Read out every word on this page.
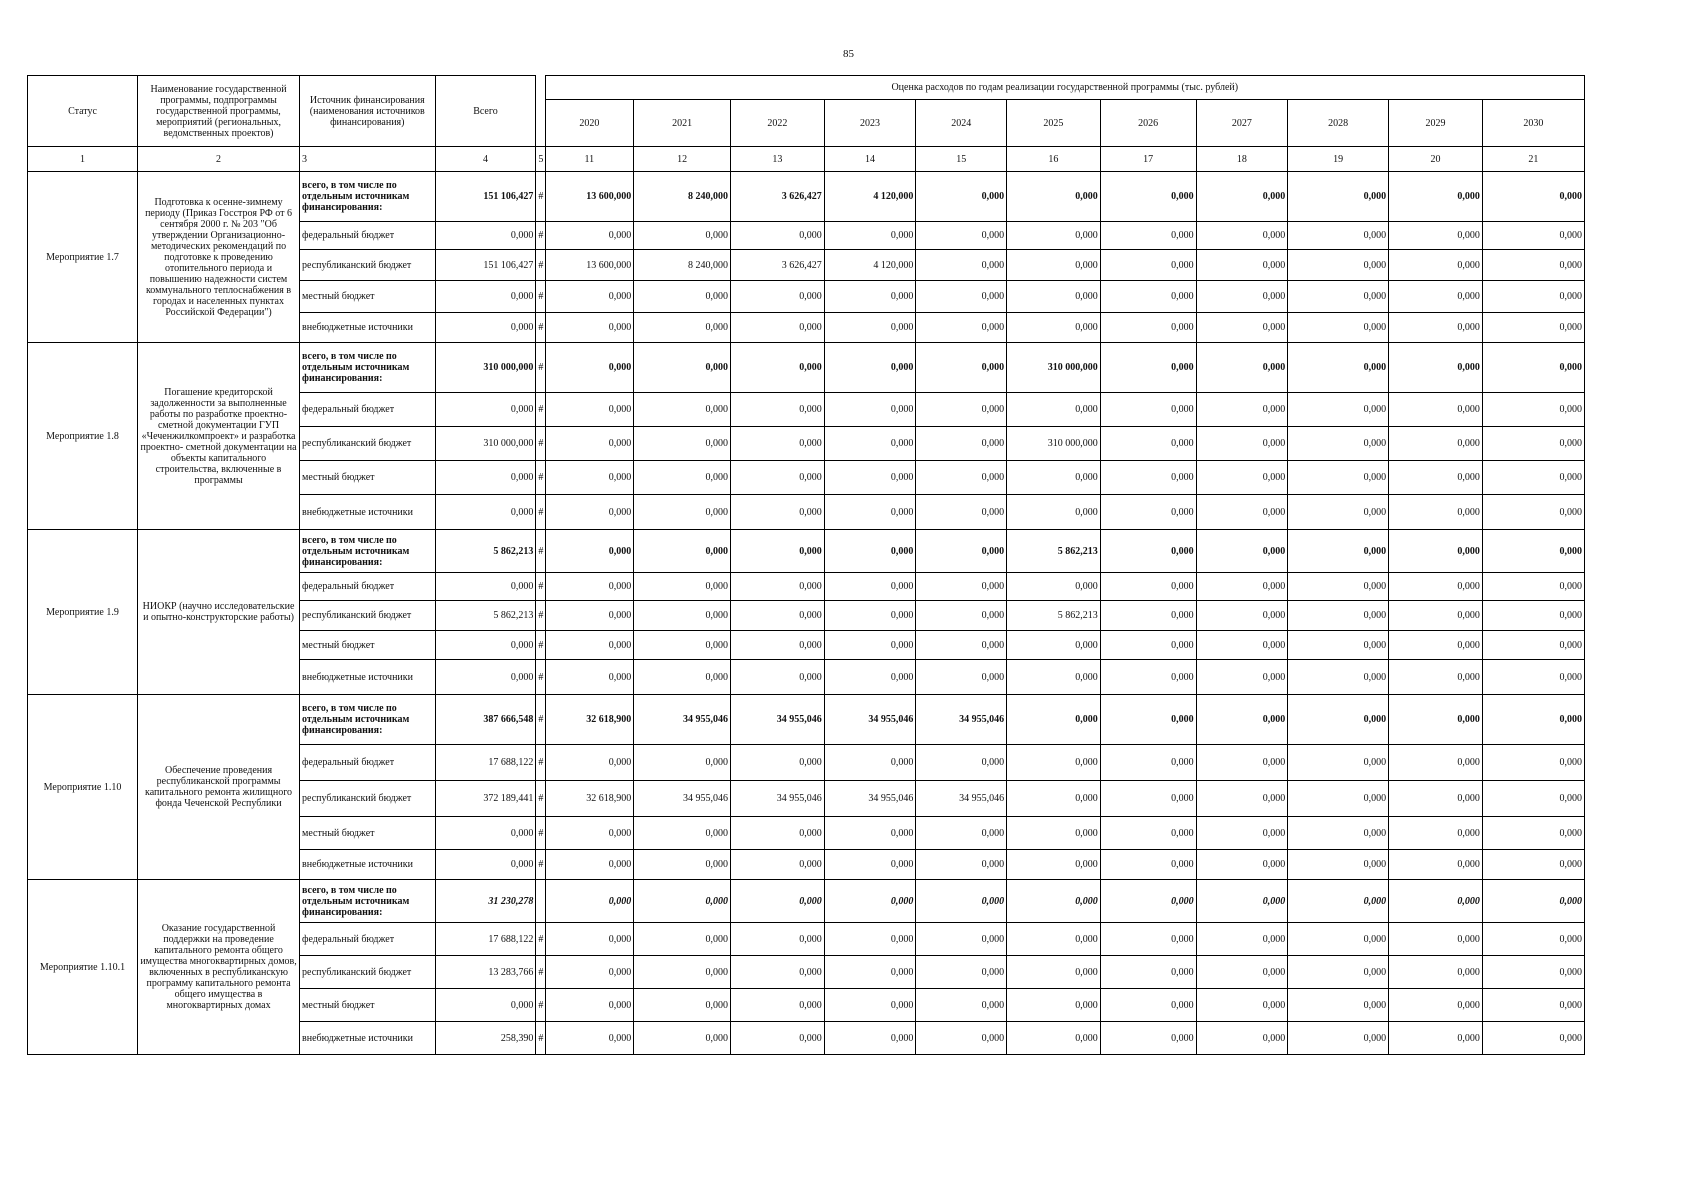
85
Статус	Наименование государственной программы, подпрограммы государственной программы, мероприятий (региональных, ведомственных проектов)	Источник финансирования (наименования источников финансирования)	Всего		Оценка расходов по годам реализации государственной программы (тыс. рублей)										
					2020	2021	2022	2023	2024	2025	2026	2027	2028	2029	2030
1	2	3	4	5	11	12	13	14	15	16	17	18	19	20	21
Мероприятие 1.7	Подготовка к осенне-зимнему периоду (Приказ Госстроя РФ от 6 сентября 2000 г. № 203 "Об утверждении Организационно-методических рекомендаций по подготовке к проведению отопительного периода и повышению надежности систем коммунального теплоснабжения в городах и населенных пунктах Российской Федерации")	всего, в том числе по отдельным источникам финансирования:	151 106,427	#	13 600,000	8 240,000	3 626,427	4 120,000	0,000	0,000	0,000	0,000	0,000	0,000	0,000
		федеральный бюджет	0,000	#	0,000	0,000	0,000	0,000	0,000	0,000	0,000	0,000	0,000	0,000	0,000
		республиканский бюджет	151 106,427	#	13 600,000	8 240,000	3 626,427	4 120,000	0,000	0,000	0,000	0,000	0,000	0,000	0,000
		местный бюджет	0,000	#	0,000	0,000	0,000	0,000	0,000	0,000	0,000	0,000	0,000	0,000	0,000
		внебюджетные источники	0,000	#	0,000	0,000	0,000	0,000	0,000	0,000	0,000	0,000	0,000	0,000	0,000
Мероприятие 1.8	Погашение кредиторской задолженности за выполненные работы по разработке проектно-сметной документации ГУП «Чеченжилкомпроект» и разработка проектно- сметной документации на объекты капитального строительства, включенные в программы	всего, в том числе по отдельным источникам финансирования:	310 000,000	#	0,000	0,000	0,000	0,000	0,000	310 000,000	0,000	0,000	0,000	0,000	0,000
		федеральный бюджет	0,000	#	0,000	0,000	0,000	0,000	0,000	0,000	0,000	0,000	0,000	0,000	0,000
		республиканский бюджет	310 000,000	#	0,000	0,000	0,000	0,000	0,000	310 000,000	0,000	0,000	0,000	0,000	0,000
		местный бюджет	0,000	#	0,000	0,000	0,000	0,000	0,000	0,000	0,000	0,000	0,000	0,000	0,000
		внебюджетные источники	0,000	#	0,000	0,000	0,000	0,000	0,000	0,000	0,000	0,000	0,000	0,000	0,000
Мероприятие 1.9	НИОКР (научно исследовательские и опытно-конструкторские работы)	всего, в том числе по отдельным источникам финансирования:	5 862,213	#	0,000	0,000	0,000	0,000	0,000	5 862,213	0,000	0,000	0,000	0,000	0,000
		федеральный бюджет	0,000	#	0,000	0,000	0,000	0,000	0,000	0,000	0,000	0,000	0,000	0,000	0,000
		республиканский бюджет	5 862,213	#	0,000	0,000	0,000	0,000	0,000	5 862,213	0,000	0,000	0,000	0,000	0,000
		местный бюджет	0,000	#	0,000	0,000	0,000	0,000	0,000	0,000	0,000	0,000	0,000	0,000	0,000
		внебюджетные источники	0,000	#	0,000	0,000	0,000	0,000	0,000	0,000	0,000	0,000	0,000	0,000	0,000
Мероприятие 1.10	Обеспечение проведения республиканской программы капитального ремонта жилищного фонда Чеченской Республики	всего, в том числе по отдельным источникам финансирования:	387 666,548	#	32 618,900	34 955,046	34 955,046	34 955,046	34 955,046	0,000	0,000	0,000	0,000	0,000	0,000
		федеральный бюджет	17 688,122	#	0,000	0,000	0,000	0,000	0,000	0,000	0,000	0,000	0,000	0,000	0,000
		республиканский бюджет	372 189,441	#	32 618,900	34 955,046	34 955,046	34 955,046	34 955,046	0,000	0,000	0,000	0,000	0,000	0,000
		местный бюджет	0,000	#	0,000	0,000	0,000	0,000	0,000	0,000	0,000	0,000	0,000	0,000	0,000
		внебюджетные источники	0,000	#	0,000	0,000	0,000	0,000	0,000	0,000	0,000	0,000	0,000	0,000	0,000
Мероприятие 1.10.1	Оказание государственной поддержки на проведение капитального ремонта общего имущества многоквартирных домов, включенных в республиканскую программу капитального ремонта общего имущества в многоквартирных домах	всего, в том числе по отдельным источникам финансирования:	31 230,278		0,000	0,000	0,000	0,000	0,000	0,000	0,000	0,000	0,000	0,000	0,000
		федеральный бюджет	17 688,122	#	0,000	0,000	0,000	0,000	0,000	0,000	0,000	0,000	0,000	0,000	0,000
		республиканский бюджет	13 283,766	#	0,000	0,000	0,000	0,000	0,000	0,000	0,000	0,000	0,000	0,000	0,000
		местный бюджет	0,000	#	0,000	0,000	0,000	0,000	0,000	0,000	0,000	0,000	0,000	0,000	0,000
		внебюджетные источники	258,390	#	0,000	0,000	0,000	0,000	0,000	0,000	0,000	0,000	0,000	0,000	0,000
